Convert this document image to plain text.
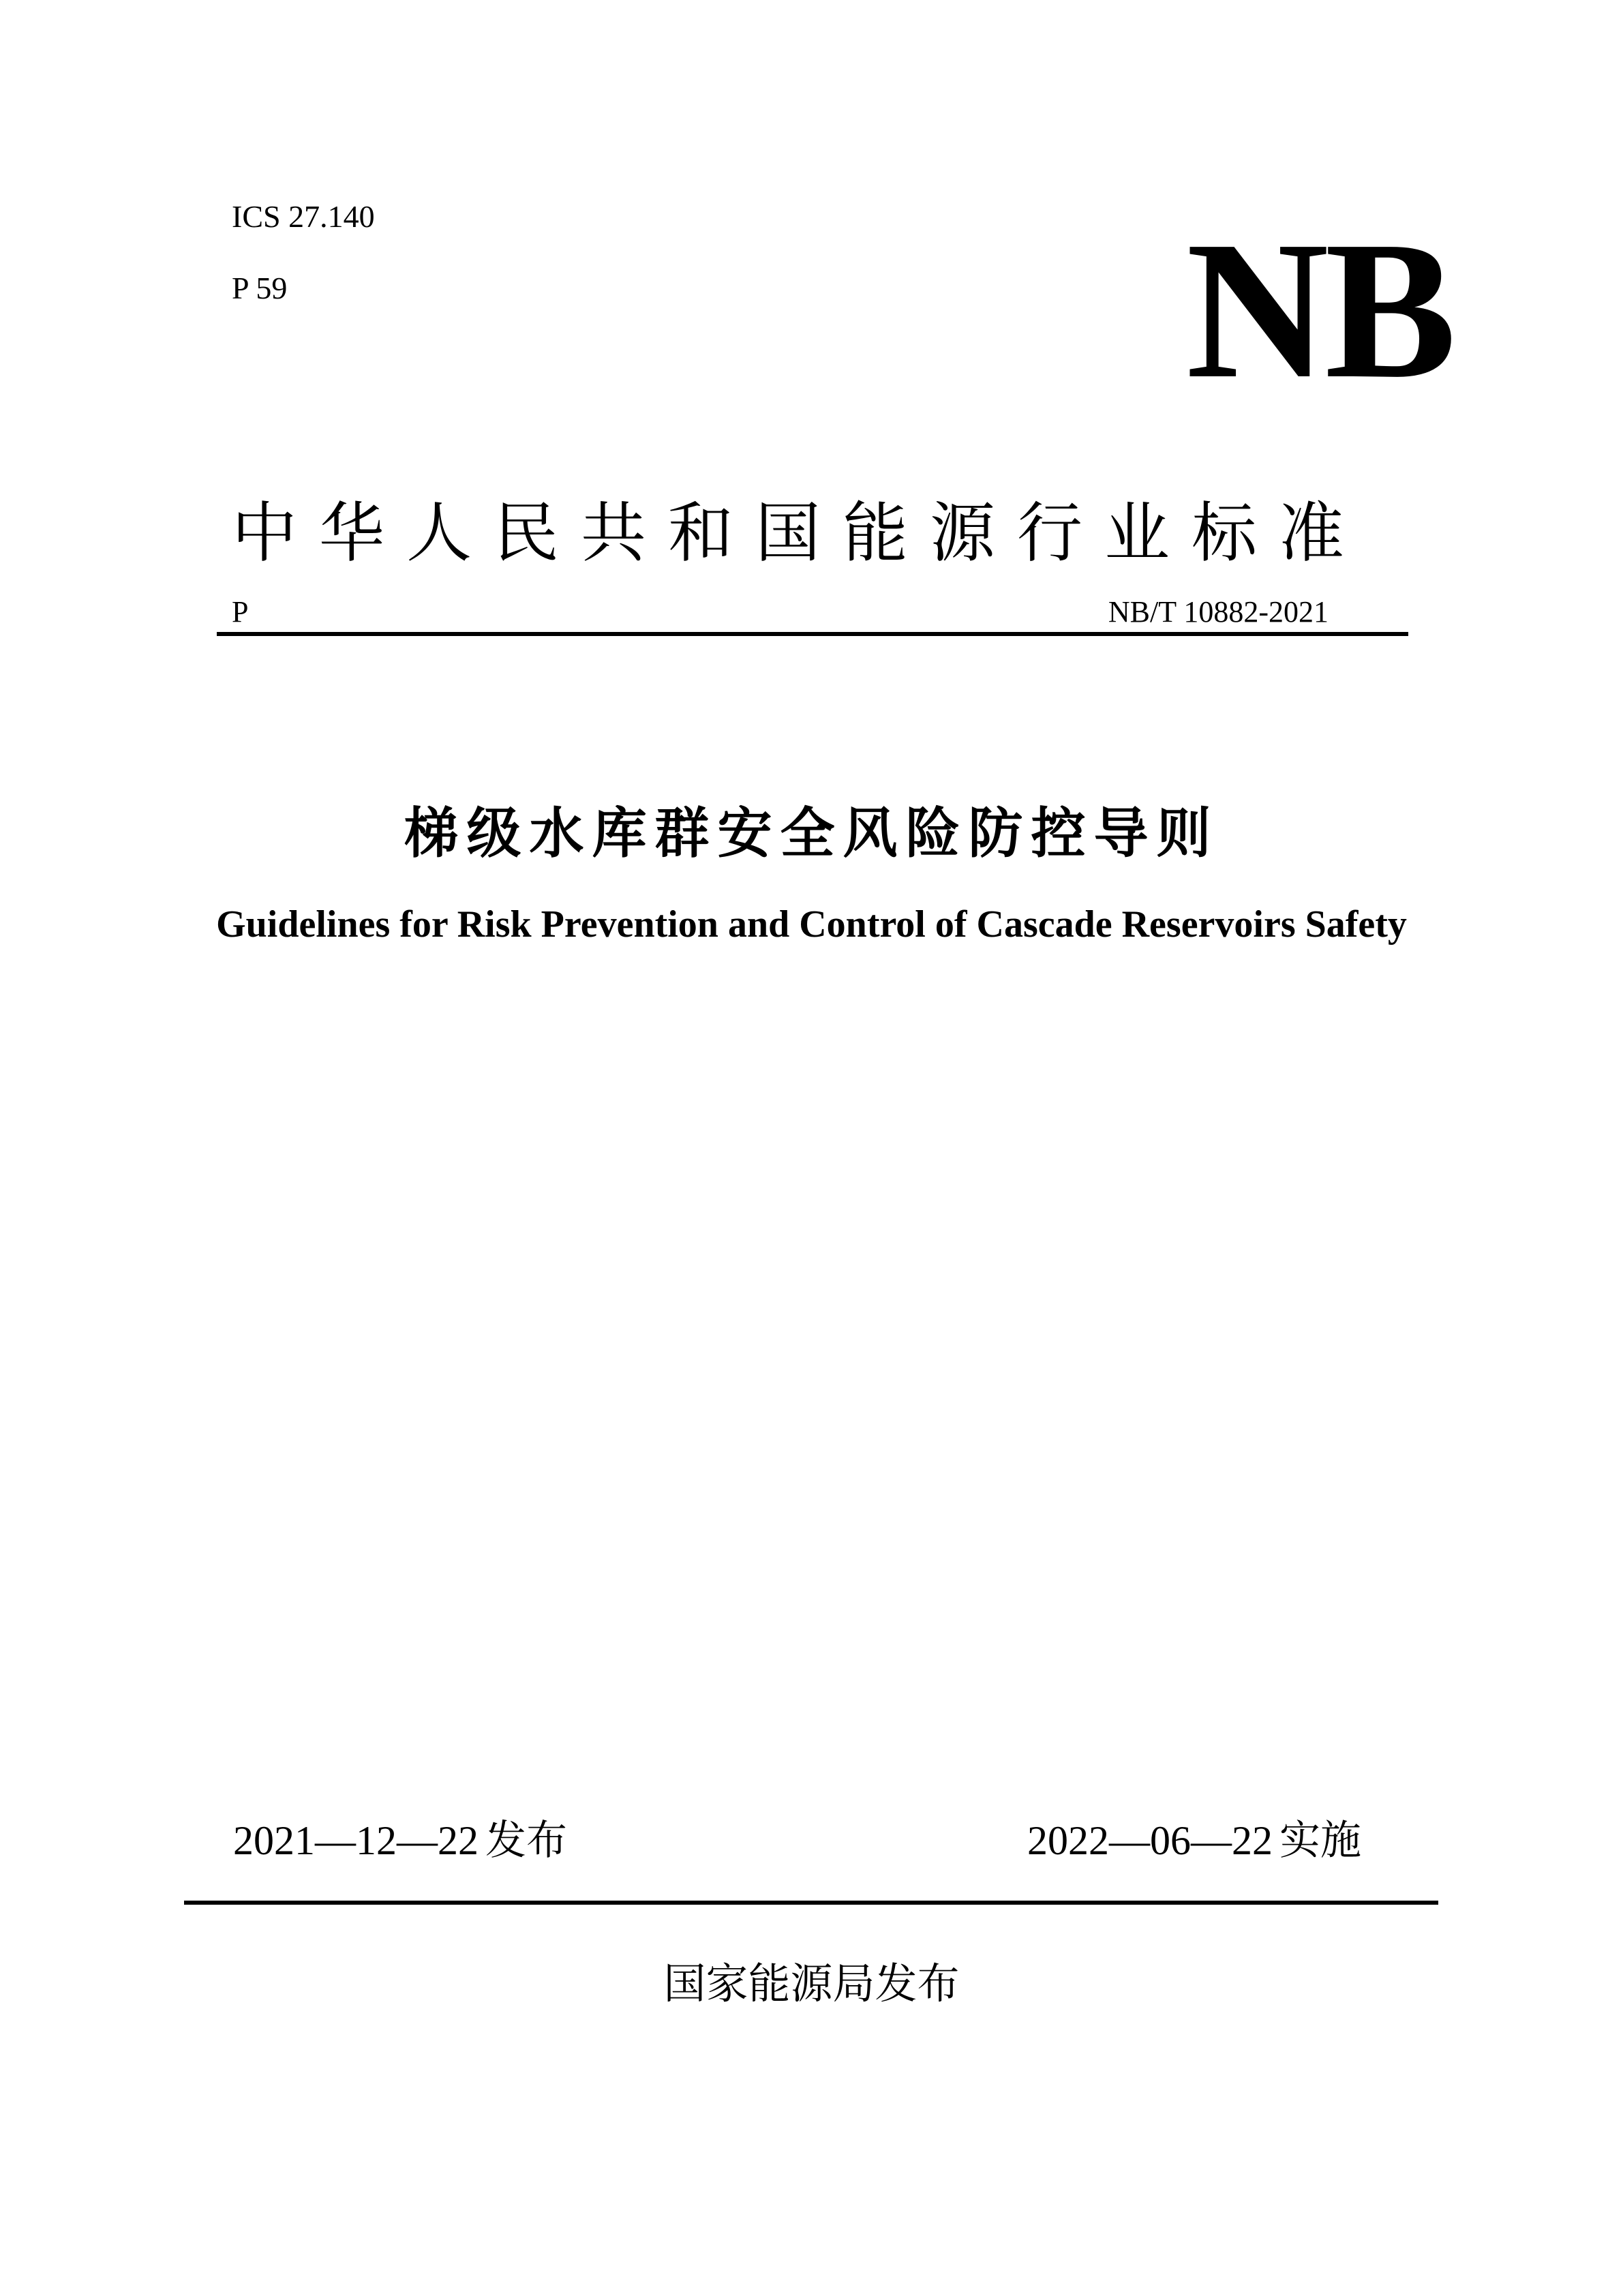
ICS 27.140
P 59	NB
中华人民共和国能源行业标准
P	NB/T 10882-2021
梯级水库群安全风险防控导则
Guidelines for Risk Prevention and Control of Cascade Reservoirs Safety
2021—12—22 发布	2022—06—22 实施
国家能源局发布
